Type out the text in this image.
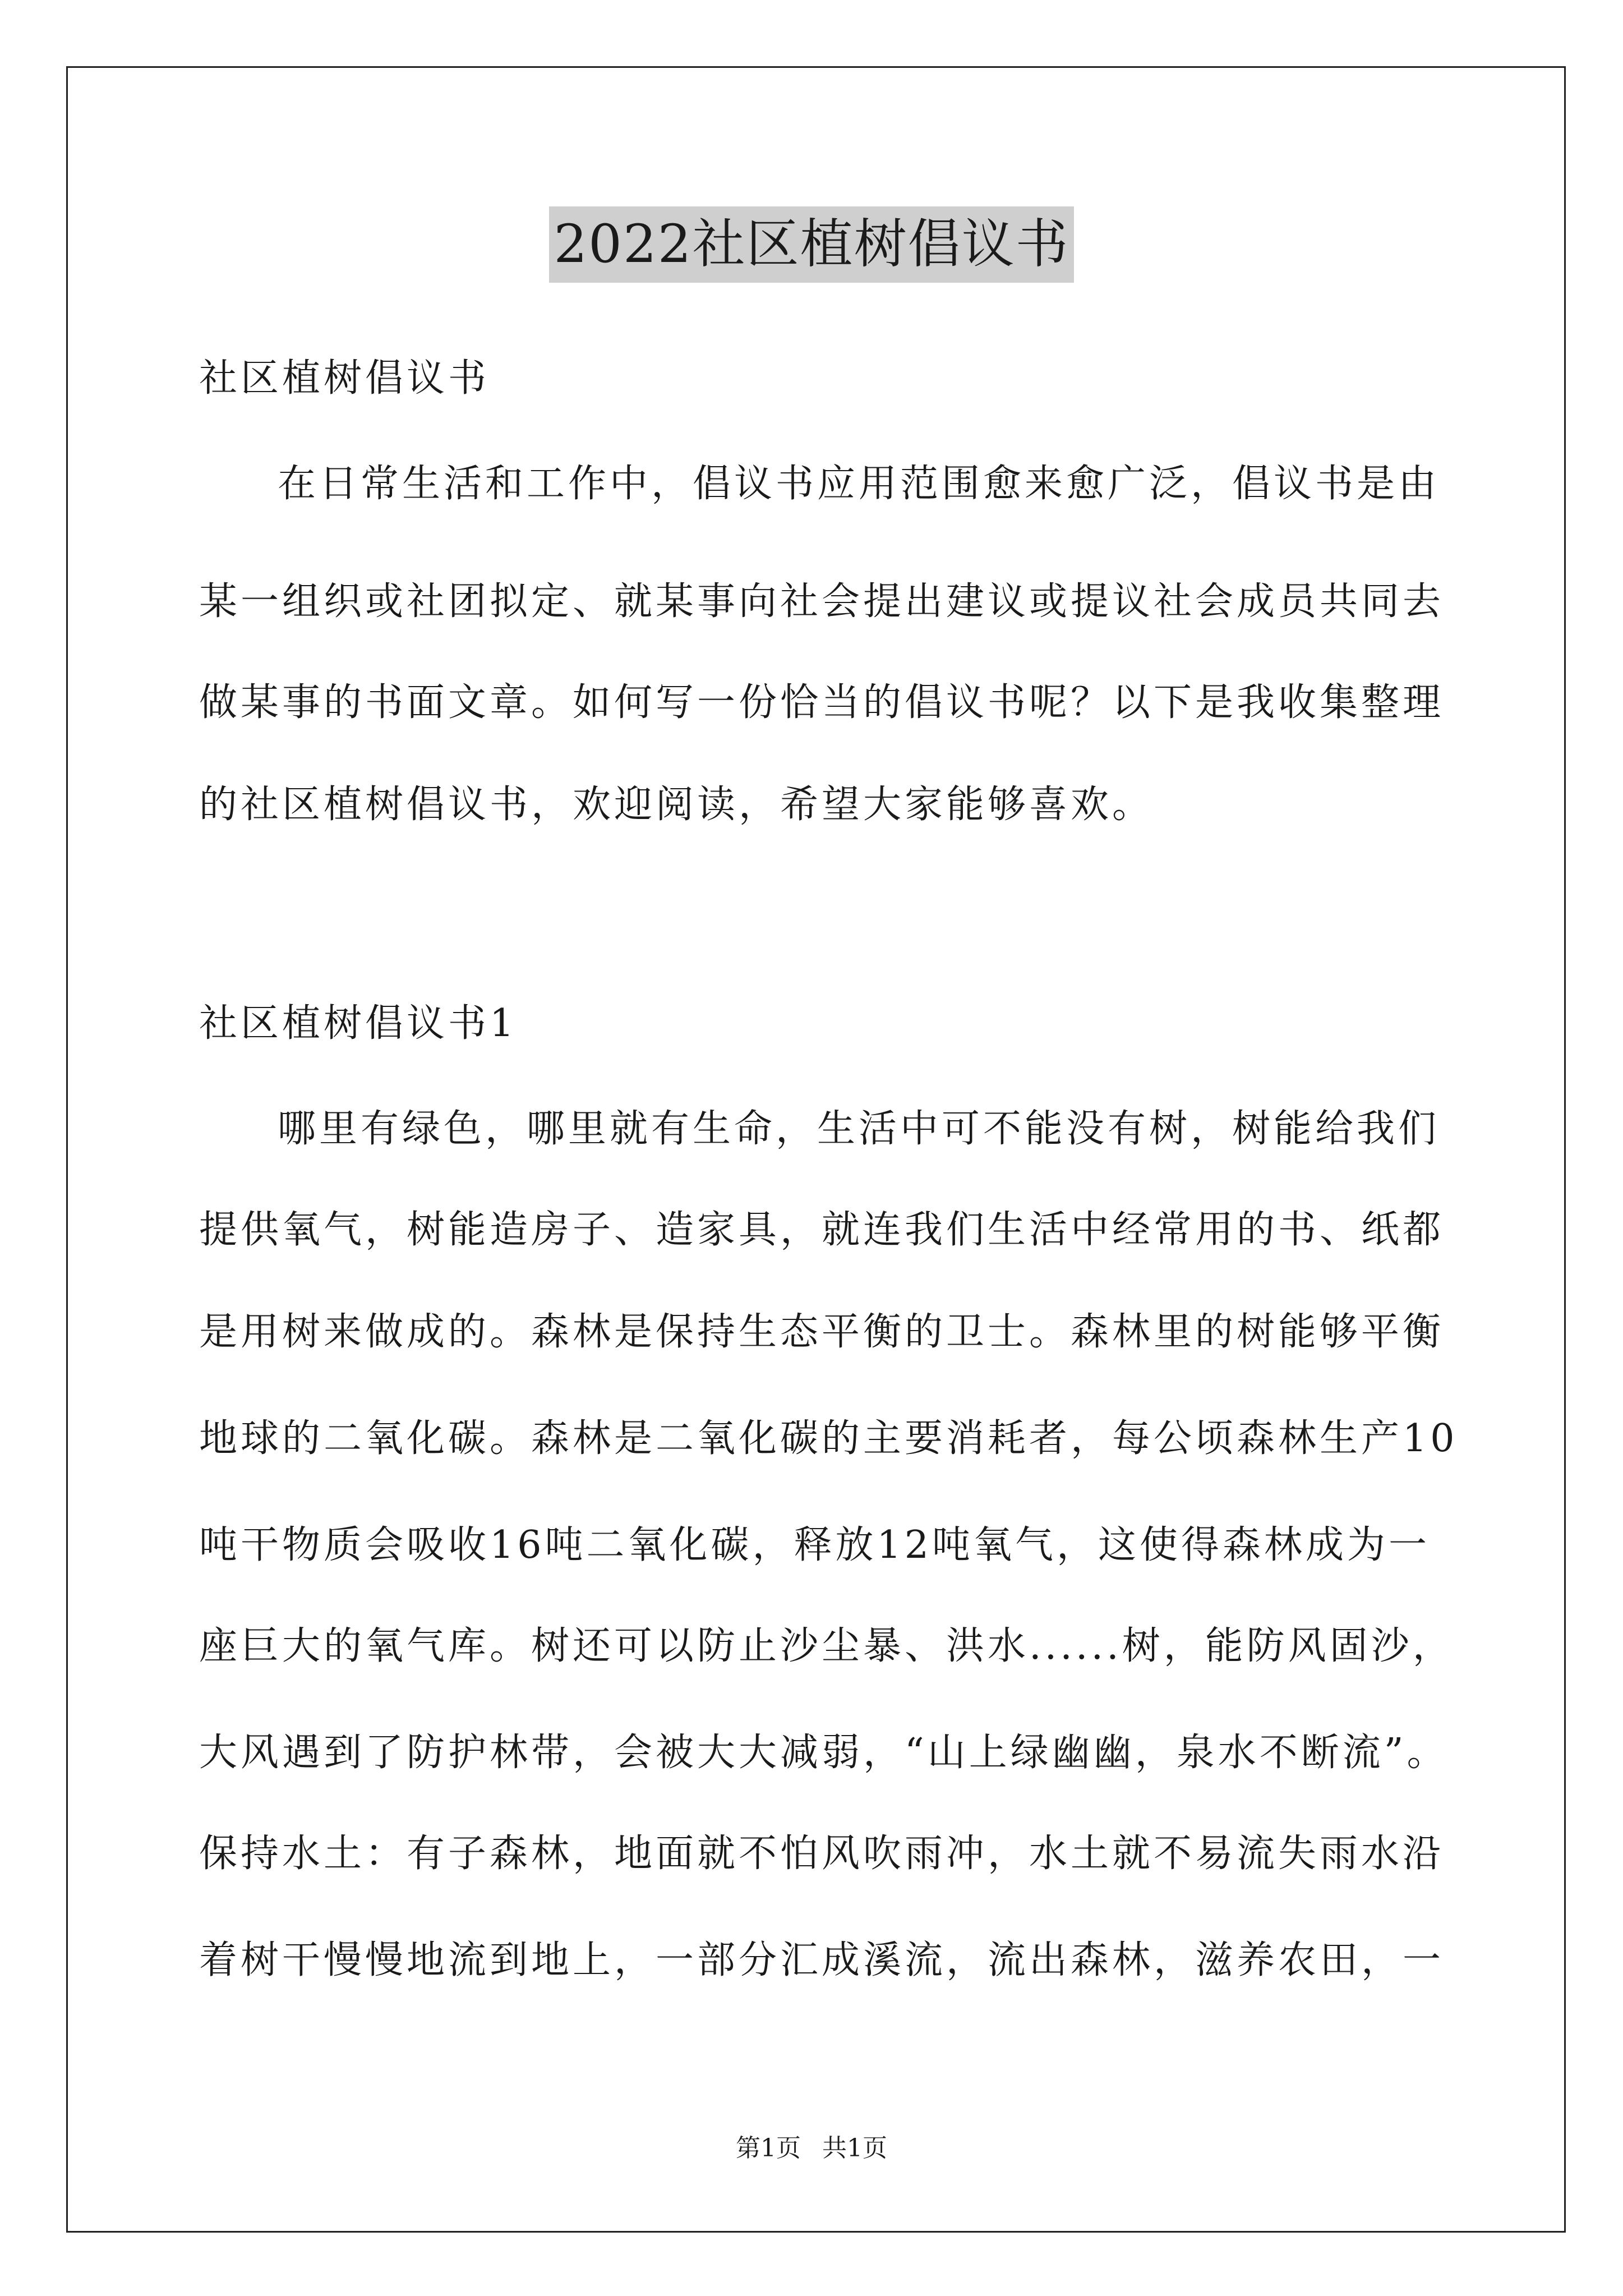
2022社区植树倡议书
社区植树倡议书
在日常生活和工作中，倡议书应用范围愈来愈广泛，倡议书是由
某一组织或社团拟定、就某事向社会提出建议或提议社会成员共同去
做某事的书面文章。如何写一份恰当的倡议书呢？以下是我收集整理
的社区植树倡议书，欢迎阅读，希望大家能够喜欢。
社区植树倡议书1
哪里有绿色，哪里就有生命，生活中可不能没有树，树能给我们
提供氧气，树能造房子、造家具，就连我们生活中经常用的书、纸都
是用树来做成的。森林是保持生态平衡的卫士。森林里的树能够平衡
地球的二氧化碳。森林是二氧化碳的主要消耗者，每公顷森林生产10
吨干物质会吸收16吨二氧化碳，释放12吨氧气，这使得森林成为一
座巨大的氧气库。树还可以防止沙尘暴、洪水......树，能防风固沙，
大风遇到了防护林带，会被大大减弱，“山上绿幽幽，泉水不断流”。
保持水土：有子森林，地面就不怕风吹雨冲，水土就不易流失雨水沿
着树干慢慢地流到地上，一部分汇成溪流，流出森林，滋养农田，一
第1页 共1页
